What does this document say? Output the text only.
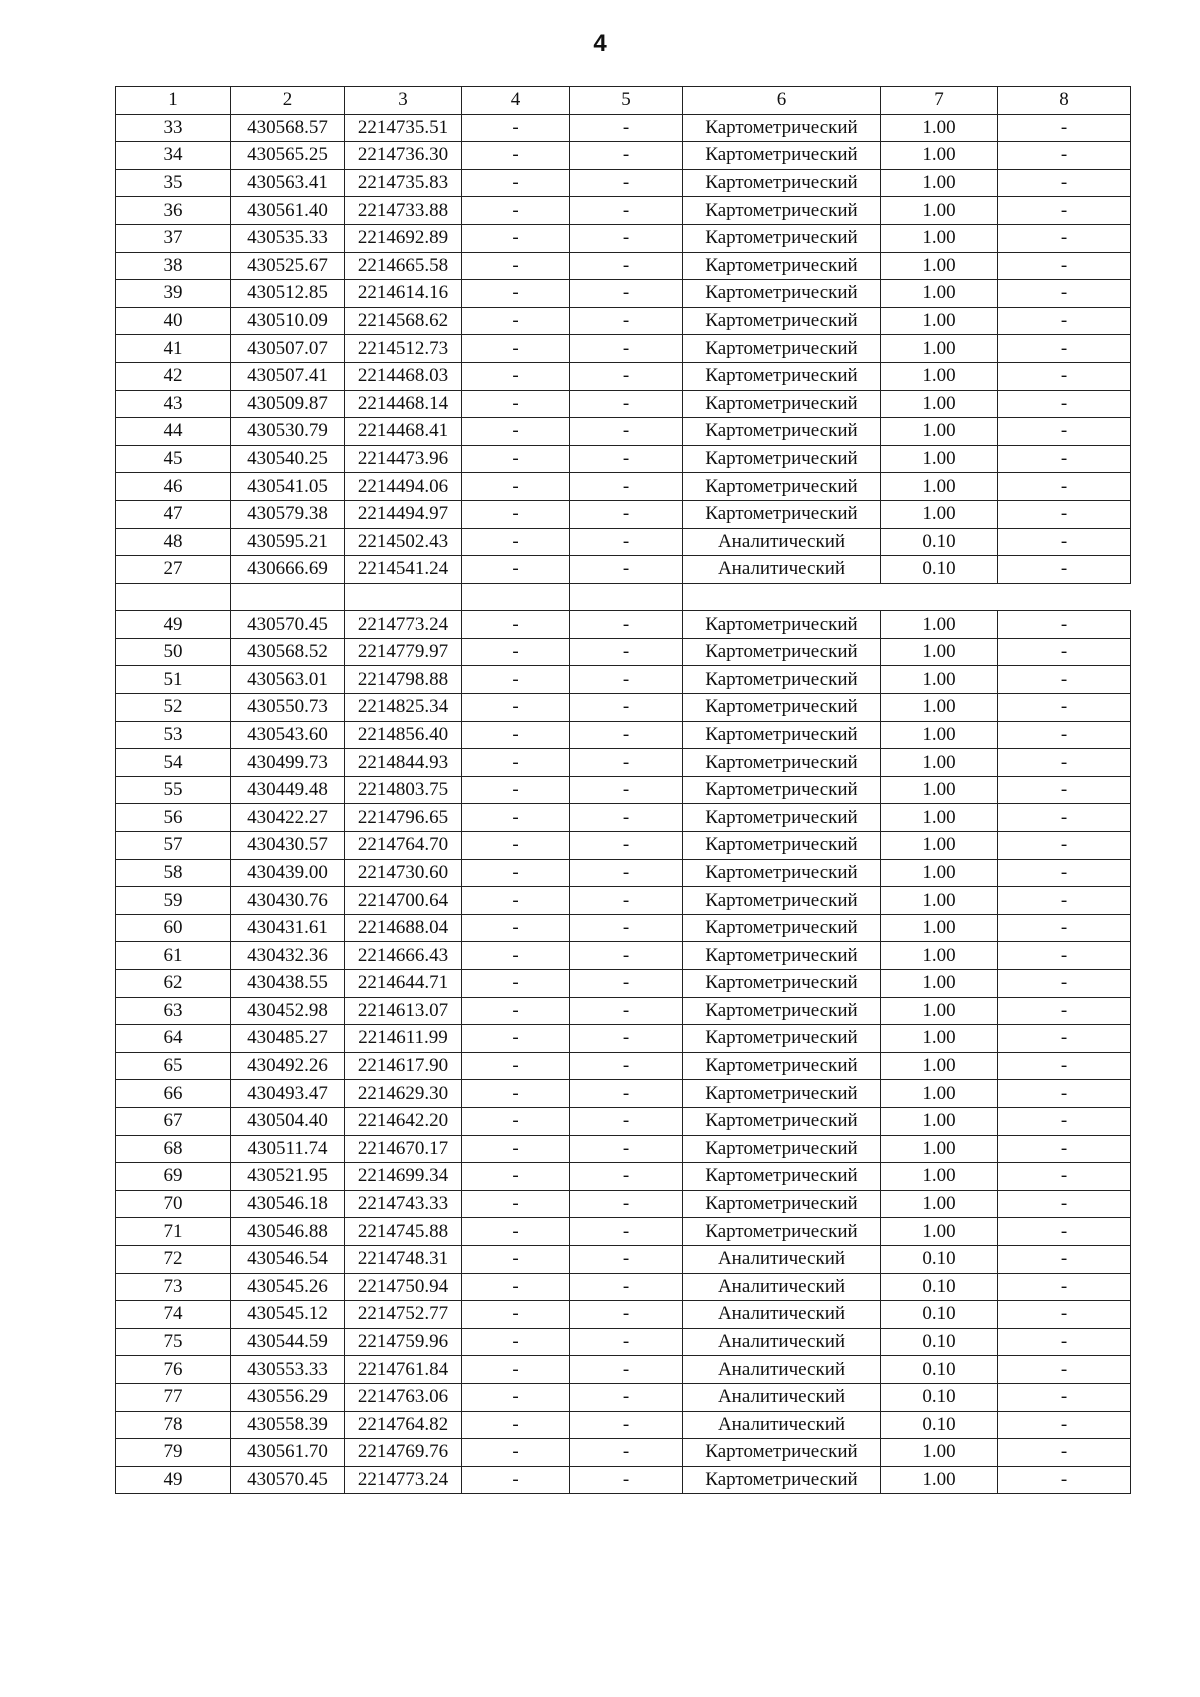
4
1	2	3	4	5	6	7	8
33	430568.57	2214735.51	-	-	Картометрический	1.00	-
34	430565.25	2214736.30	-	-	Картометрический	1.00	-
35	430563.41	2214735.83	-	-	Картометрический	1.00	-
36	430561.40	2214733.88	-	-	Картометрический	1.00	-
37	430535.33	2214692.89	-	-	Картометрический	1.00	-
38	430525.67	2214665.58	-	-	Картометрический	1.00	-
39	430512.85	2214614.16	-	-	Картометрический	1.00	-
40	430510.09	2214568.62	-	-	Картометрический	1.00	-
41	430507.07	2214512.73	-	-	Картометрический	1.00	-
42	430507.41	2214468.03	-	-	Картометрический	1.00	-
43	430509.87	2214468.14	-	-	Картометрический	1.00	-
44	430530.79	2214468.41	-	-	Картометрический	1.00	-
45	430540.25	2214473.96	-	-	Картометрический	1.00	-
46	430541.05	2214494.06	-	-	Картометрический	1.00	-
47	430579.38	2214494.97	-	-	Картометрический	1.00	-
48	430595.21	2214502.43	-	-	Аналитический	0.10	-
27	430666.69	2214541.24	-	-	Аналитический	0.10	-

49	430570.45	2214773.24	-	-	Картометрический	1.00	-
50	430568.52	2214779.97	-	-	Картометрический	1.00	-
51	430563.01	2214798.88	-	-	Картометрический	1.00	-
52	430550.73	2214825.34	-	-	Картометрический	1.00	-
53	430543.60	2214856.40	-	-	Картометрический	1.00	-
54	430499.73	2214844.93	-	-	Картометрический	1.00	-
55	430449.48	2214803.75	-	-	Картометрический	1.00	-
56	430422.27	2214796.65	-	-	Картометрический	1.00	-
57	430430.57	2214764.70	-	-	Картометрический	1.00	-
58	430439.00	2214730.60	-	-	Картометрический	1.00	-
59	430430.76	2214700.64	-	-	Картометрический	1.00	-
60	430431.61	2214688.04	-	-	Картометрический	1.00	-
61	430432.36	2214666.43	-	-	Картометрический	1.00	-
62	430438.55	2214644.71	-	-	Картометрический	1.00	-
63	430452.98	2214613.07	-	-	Картометрический	1.00	-
64	430485.27	2214611.99	-	-	Картометрический	1.00	-
65	430492.26	2214617.90	-	-	Картометрический	1.00	-
66	430493.47	2214629.30	-	-	Картометрический	1.00	-
67	430504.40	2214642.20	-	-	Картометрический	1.00	-
68	430511.74	2214670.17	-	-	Картометрический	1.00	-
69	430521.95	2214699.34	-	-	Картометрический	1.00	-
70	430546.18	2214743.33	-	-	Картометрический	1.00	-
71	430546.88	2214745.88	-	-	Картометрический	1.00	-
72	430546.54	2214748.31	-	-	Аналитический	0.10	-
73	430545.26	2214750.94	-	-	Аналитический	0.10	-
74	430545.12	2214752.77	-	-	Аналитический	0.10	-
75	430544.59	2214759.96	-	-	Аналитический	0.10	-
76	430553.33	2214761.84	-	-	Аналитический	0.10	-
77	430556.29	2214763.06	-	-	Аналитический	0.10	-
78	430558.39	2214764.82	-	-	Аналитический	0.10	-
79	430561.70	2214769.76	-	-	Картометрический	1.00	-
49	430570.45	2214773.24	-	-	Картометрический	1.00	-
